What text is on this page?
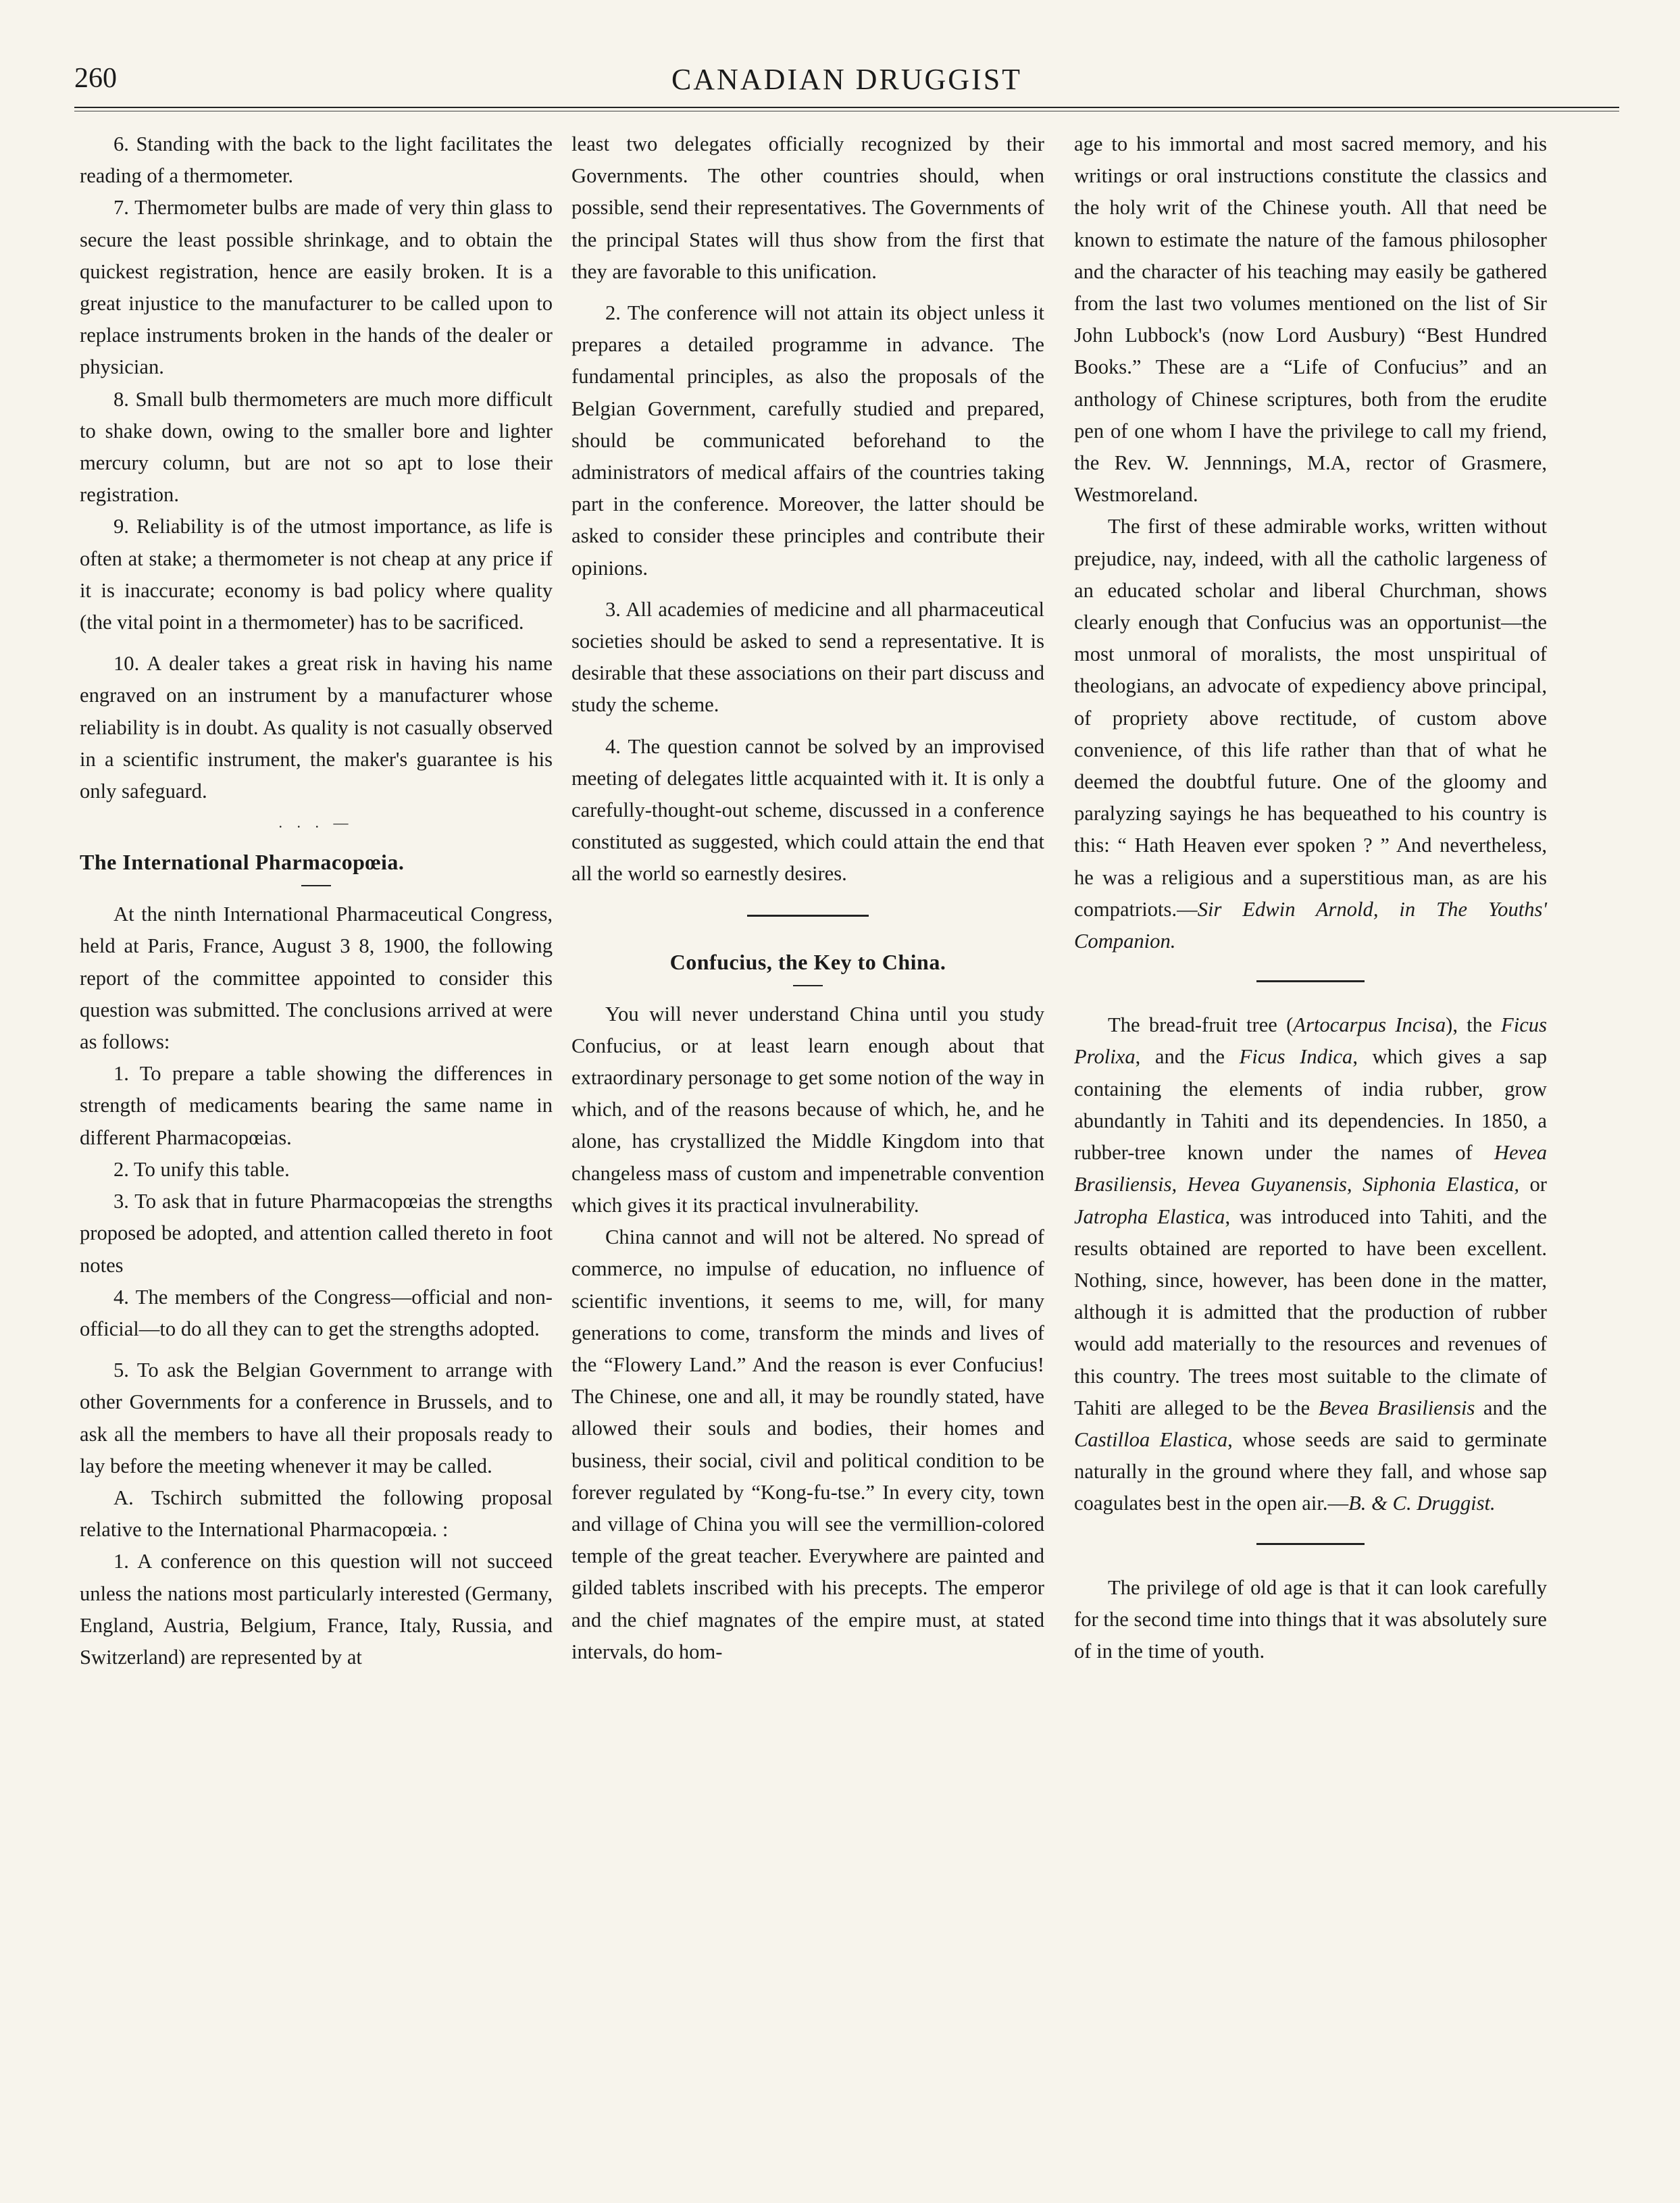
260	CANADIAN DRUGGIST

6. Standing with the back to the light facilitates the reading of a thermometer.

7. Thermometer bulbs are made of very thin glass to secure the least possible shrinkage, and to obtain the quickest registration, hence are easily broken. It is a great injustice to the manufacturer to be called upon to replace instruments broken in the hands of the dealer or physician.

8. Small bulb thermometers are much more difficult to shake down, owing to the smaller bore and lighter mercury column, but are not so apt to lose their registration.

9. Reliability is of the utmost importance, as life is often at stake; a thermometer is not cheap at any price if it is inaccurate; economy is bad policy where quality (the vital point in a thermometer) has to be sacrificed.

10. A dealer takes a great risk in having his name engraved on an instrument by a manufacturer whose reliability is in doubt. As quality is not casually observed in a scientific instrument, the maker's guarantee is his only safeguard.

. . . —
The International Pharmacopœia.

At the ninth International Pharmaceutical Congress, held at Paris, France, August 3 8, 1900, the following report of the committee appointed to consider this question was submitted. The conclusions arrived at were as follows:

1. To prepare a table showing the differences in strength of medicaments bearing the same name in different Pharmacopœias.

2. To unify this table.

3. To ask that in future Pharmacopœias the strengths proposed be adopted, and attention called thereto in foot notes

4. The members of the Congress—official and non-official—to do all they can to get the strengths adopted.

5. To ask the Belgian Government to arrange with other Governments for a conference in Brussels, and to ask all the members to have all their proposals ready to lay before the meeting whenever it may be called.

A. Tschirch submitted the following proposal relative to the International Pharmacopœia. :

1. A conference on this question will not succeed unless the nations most particularly interested (Germany, England, Austria, Belgium, France, Italy, Russia, and Switzerland) are represented by at

least two delegates officially recognized by their Governments. The other countries should, when possible, send their representatives. The Governments of the principal States will thus show from the first that they are favorable to this unification.

2. The conference will not attain its object unless it prepares a detailed programme in advance. The fundamental principles, as also the proposals of the Belgian Government, carefully studied and prepared, should be communicated beforehand to the administrators of medical affairs of the countries taking part in the conference. Moreover, the latter should be asked to consider these principles and contribute their opinions.

3. All academies of medicine and all pharmaceutical societies should be asked to send a representative. It is desirable that these associations on their part discuss and study the scheme.

4. The question cannot be solved by an improvised meeting of delegates little acquainted with it. It is only a carefully-thought-out scheme, discussed in a conference constituted as suggested, which could attain the end that all the world so earnestly desires.

Confucius, the Key to China.

You will never understand China until you study Confucius, or at least learn enough about that extraordinary personage to get some notion of the way in which, and of the reasons because of which, he, and he alone, has crystallized the Middle Kingdom into that changeless mass of custom and impenetrable convention which gives it its practical invulnerability.

China cannot and will not be altered. No spread of commerce, no impulse of education, no influence of scientific inventions, it seems to me, will, for many generations to come, transform the minds and lives of the “Flowery Land.” And the reason is ever Confucius! The Chinese, one and all, it may be roundly stated, have allowed their souls and bodies, their homes and business, their social, civil and political condition to be forever regulated by “Kong-fu-tse.” In every city, town and village of China you will see the vermillion-colored temple of the great teacher. Everywhere are painted and gilded tablets inscribed with his precepts. The emperor and the chief magnates of the empire must, at stated intervals, do hom-

age to his immortal and most sacred memory, and his writings or oral instructions constitute the classics and the holy writ of the Chinese youth. All that need be known to estimate the nature of the famous philosopher and the character of his teaching may easily be gathered from the last two volumes mentioned on the list of Sir John Lubbock's (now Lord Ausbury) “Best Hundred Books.” These are a “Life of Confucius” and an anthology of Chinese scriptures, both from the erudite pen of one whom I have the privilege to call my friend, the Rev. W. Jennnings, M.A, rector of Grasmere, Westmoreland.

The first of these admirable works, written without prejudice, nay, indeed, with all the catholic largeness of an educated scholar and liberal Churchman, shows clearly enough that Confucius was an opportunist—the most unmoral of moralists, the most unspiritual of theologians, an advocate of expediency above principal, of propriety above rectitude, of custom above convenience, of this life rather than that of what he deemed the doubtful future. One of the gloomy and paralyzing sayings he has bequeathed to his country is this: “ Hath Heaven ever spoken ? ” And nevertheless, he was a religious and a superstitious man, as are his compatriots.—Sir Edwin Arnold, in The Youths' Companion.

The bread-fruit tree (Artocarpus Incisa), the Ficus Prolixa, and the Ficus Indica, which gives a sap containing the elements of india rubber, grow abundantly in Tahiti and its dependencies. In 1850, a rubber-tree known under the names of Hevea Brasiliensis, Hevea Guyanensis, Siphonia Elastica, or Jatropha Elastica, was introduced into Tahiti, and the results obtained are reported to have been excellent. Nothing, since, however, has been done in the matter, although it is admitted that the production of rubber would add materially to the resources and revenues of this country. The trees most suitable to the climate of Tahiti are alleged to be the Bevea Brasiliensis and the Castilloa Elastica, whose seeds are said to germinate naturally in the ground where they fall, and whose sap coagulates best in the open air.—B. & C. Druggist.

The privilege of old age is that it can look carefully for the second time into things that it was absolutely sure of in the time of youth.
